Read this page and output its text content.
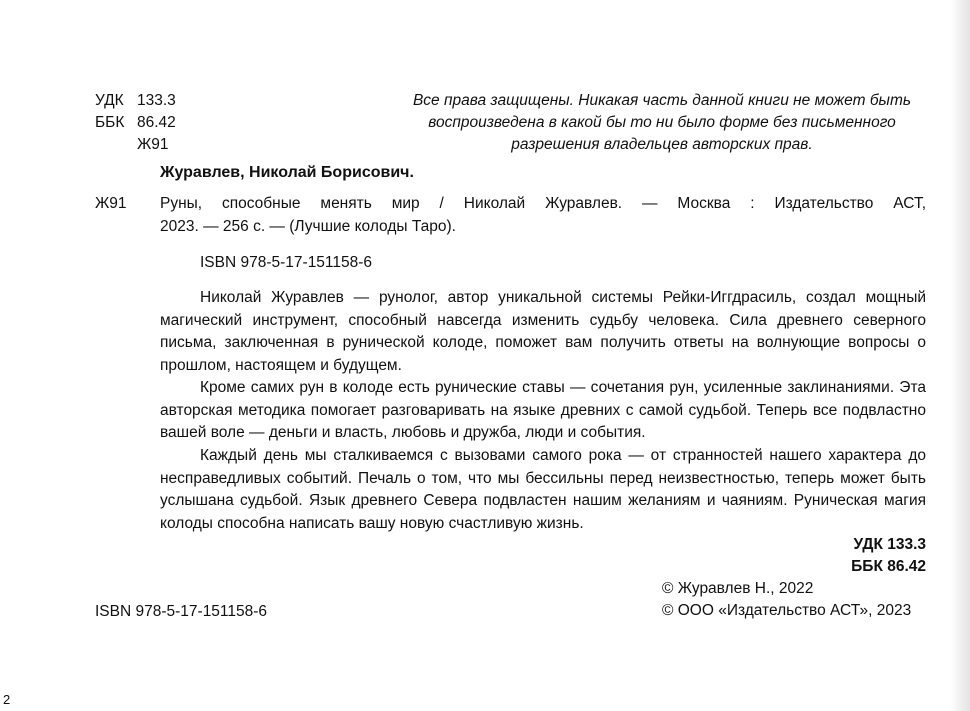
УДК 133.3
ББК 86.42
Ж91
Все права защищены. Никакая часть данной книги не может быть
воспроизведена в какой бы то ни было форме без письменного
разрешения владельцев авторских прав.
Журавлев, Николай Борисович.
Ж91 Руны, способные менять мир / Николай Журавлев. — Москва : Издательство АСТ,
2023. — 256 с. — (Лучшие колоды Таро).
ISBN 978-5-17-151158-6

Николай Журавлев — рунолог, автор уникальной системы Рейки-Иггдрасиль, создал мощный магический инструмент, способный навсегда изменить судьбу человека. Сила древнего северного письма, заключенная в рунической колоде, поможет вам получить ответы на волнующие вопросы о прошлом, настоящем и будущем.

Кроме самих рун в колоде есть рунические ставы — сочетания рун, усиленные заклинаниями. Эта авторская методика помогает разговаривать на языке древних с самой судьбой. Теперь все подвластно вашей воле — деньги и власть, любовь и дружба, люди и события.

Каждый день мы сталкиваемся с вызовами самого рока — от странностей нашего характера до несправедливых событий. Печаль о том, что мы бессильны перед неизвестностью, теперь может быть услышана судьбой. Язык древнего Севера подвластен нашим желаниям и чаяниям. Руническая магия колоды способна написать вашу новую счастливую жизнь.

УДК 133.3
ББК 86.42
© Журавлев Н., 2022
© ООО «Издательство АСТ», 2023
ISBN 978-5-17-151158-6
2
